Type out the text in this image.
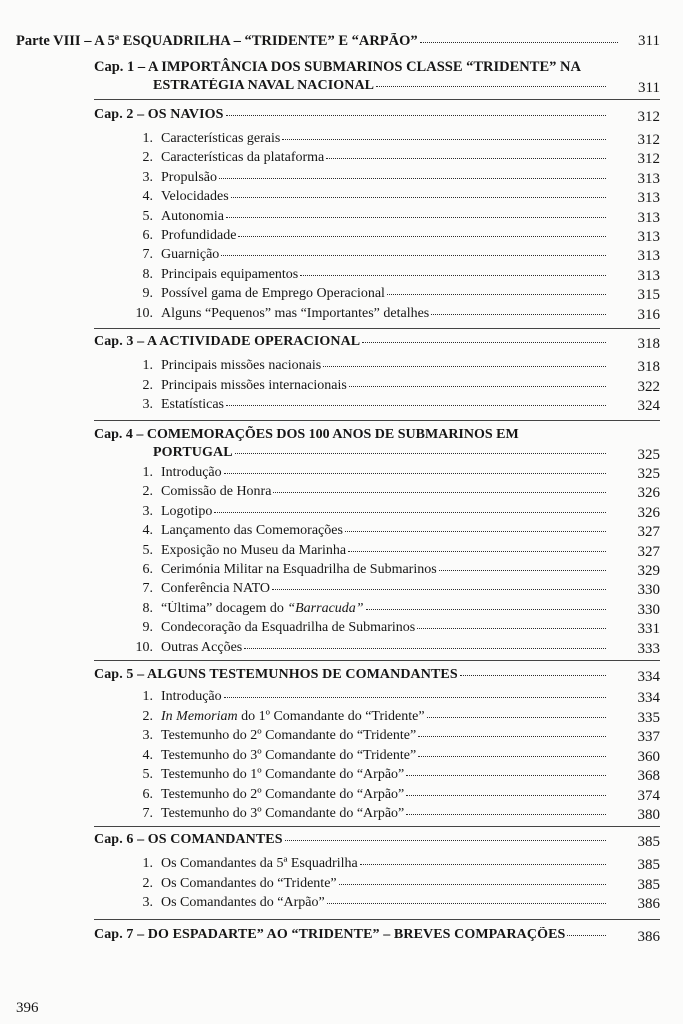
Parte VIII – A 5ª ESQUADRILHA – “TRIDENTE” E “ARPÃO”	311
Cap. 1 – A IMPORTÂNCIA DOS SUBMARINOS CLASSE “TRIDENTE” NA
ESTRATÉGIA NAVAL NACIONAL	311
Cap. 2 – OS NAVIOS	312
1. Características gerais	312
2. Características da plataforma	312
3. Propulsão	313
4. Velocidades	313
5. Autonomia	313
6. Profundidade	313
7. Guarnição	313
8. Principais equipamentos	313
9. Possível gama de Emprego Operacional	315
10. Alguns “Pequenos” mas “Importantes” detalhes	316
Cap. 3 – A ACTIVIDADE OPERACIONAL	318
1. Principais missões nacionais	318
2. Principais missões internacionais	322
3. Estatísticas	324
Cap. 4 – COMEMORAÇÕES DOS 100 ANOS DE SUBMARINOS EM
PORTUGAL	325
1. Introdução	325
2. Comissão de Honra	326
3. Logotipo	326
4. Lançamento das Comemorações	327
5. Exposição no Museu da Marinha	327
6. Cerimónia Militar na Esquadrilha de Submarinos	329
7. Conferência NATO	330
8. “Última” docagem do “Barracuda”	330
9. Condecoração da Esquadrilha de Submarinos	331
10. Outras Acções	333
Cap. 5 – ALGUNS TESTEMUNHOS DE COMANDANTES	334
1. Introdução	334
2. In Memoriam do 1º Comandante do “Tridente”	335
3. Testemunho do 2º Comandante do “Tridente”	337
4. Testemunho do 3º Comandante do “Tridente”	360
5. Testemunho do 1º Comandante do “Arpão”	368
6. Testemunho do 2º Comandante do “Arpão”	374
7. Testemunho do 3º Comandante do “Arpão”	380
Cap. 6 – OS COMANDANTES	385
1. Os Comandantes da 5ª Esquadrilha	385
2. Os Comandantes do “Tridente”	385
3. Os Comandantes do “Arpão”	386
Cap. 7 – DO ESPADARTE” AO “TRIDENTE” – BREVES COMPARAÇÕES	386
396
